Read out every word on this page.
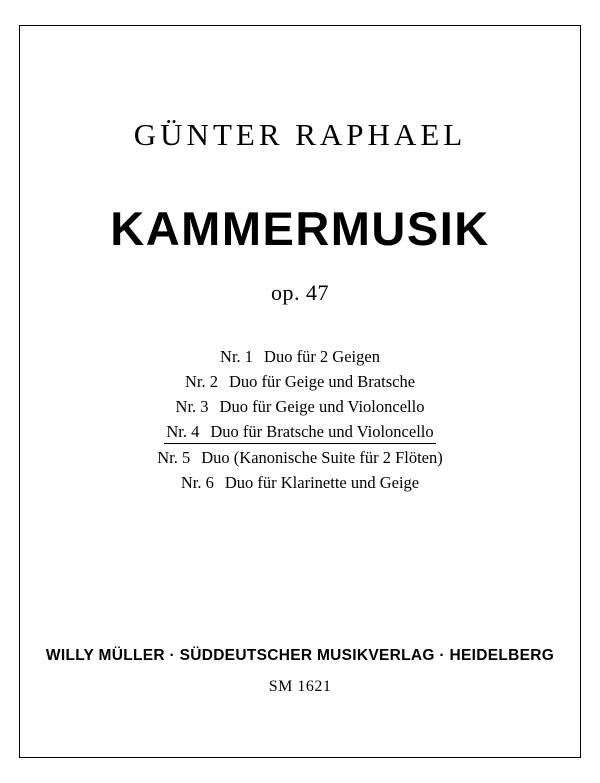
GÜNTER RAPHAEL
KAMMERMUSIK
op. 47
Nr. 1 Duo für 2 Geigen
Nr. 2 Duo für Geige und Bratsche
Nr. 3 Duo für Geige und Violoncello
Nr. 4 Duo für Bratsche und Violoncello
Nr. 5 Duo (Kanonische Suite für 2 Flöten)
Nr. 6 Duo für Klarinette und Geige
WILLY MÜLLER · SÜDDEUTSCHER MUSIKVERLAG · HEIDELBERG
SM 1621
